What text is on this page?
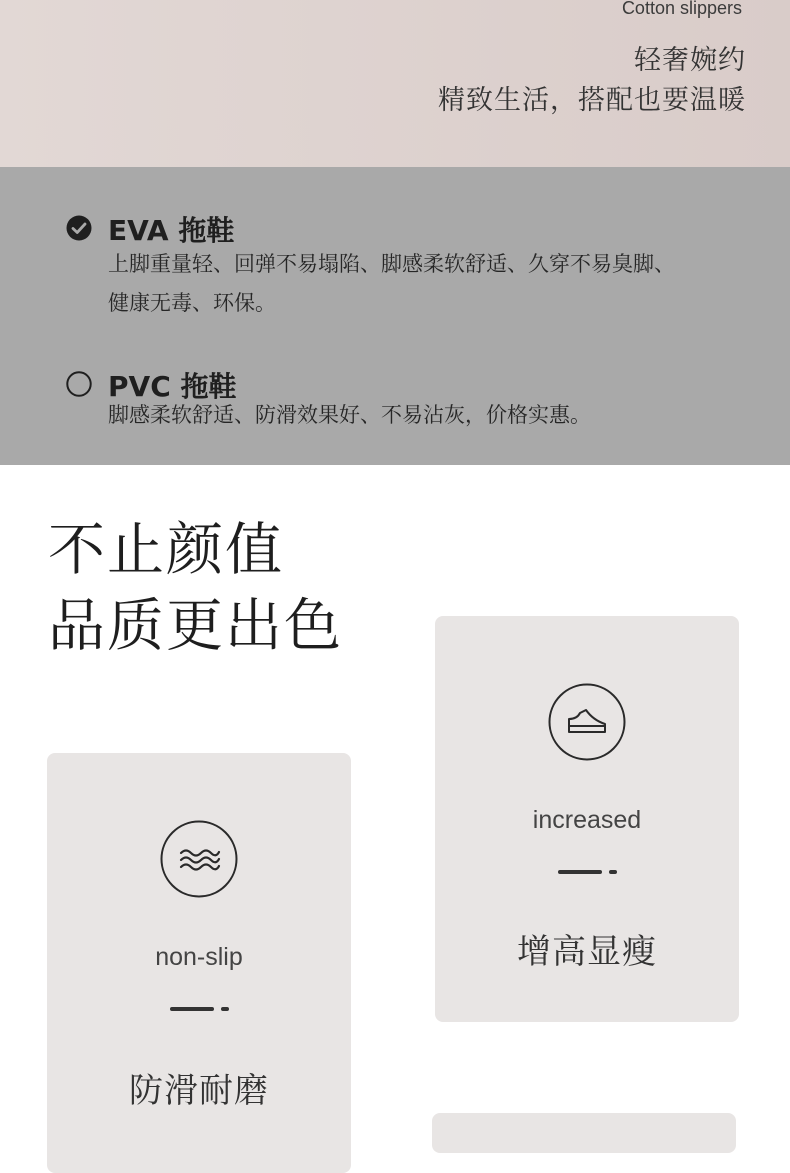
Cotton slippers
轻奢婉约
精致生活，搭配也要温暖
EVA 拖鞋
上脚重量轻、回弹不易塌陷、脚感柔软舒适、久穿不易臭脚、
健康无毒、环保。
PVC 拖鞋
脚感柔软舒适、防滑效果好、不易沾灰，价格实惠。
不止颜值
品质更出色
increased
增高显瘦
non-slip
防滑耐磨
